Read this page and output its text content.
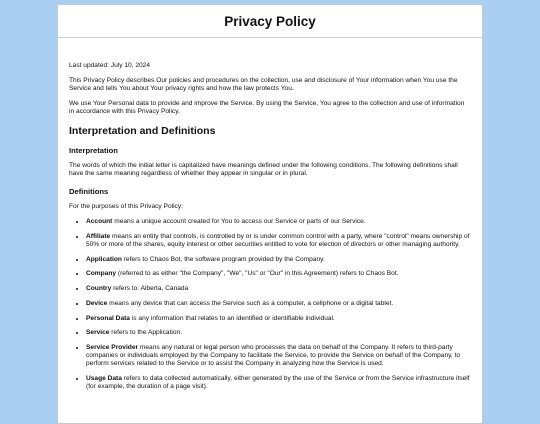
Privacy Policy

Last updated: July 10, 2024

This Privacy Policy describes Our policies and procedures on the collection, use and disclosure of Your information when You use the Service and tells You about Your privacy rights and how the law protects You.

We use Your Personal data to provide and improve the Service. By using the Service, You agree to the collection and use of information in accordance with this Privacy Policy.

Interpretation and Definitions
Interpretation

The words of which the initial letter is capitalized have meanings defined under the following conditions. The following definitions shall have the same meaning regardless of whether they appear in singular or in plural.

Definitions

For the purposes of this Privacy Policy:

• Account means a unique account created for You to access our Service or parts of our Service.
• Affiliate means an entity that controls, is controlled by or is under common control with a party, where "control" means ownership of 50% or more of the shares, equity interest or other securities entitled to vote for election of directors or other managing authority.
• Application refers to Chaos Bot, the software program provided by the Company.
• Company (referred to as either "the Company", "We", "Us" or "Our" in this Agreement) refers to Chaos Bot.
• Country refers to: Alberta, Canada
• Device means any device that can access the Service such as a computer, a cellphone or a digital tablet.
• Personal Data is any information that relates to an identified or identifiable individual.
• Service refers to the Application.
• Service Provider means any natural or legal person who processes the data on behalf of the Company. It refers to third-party companies or individuals employed by the Company to facilitate the Service, to provide the Service on behalf of the Company, to perform services related to the Service or to assist the Company in analyzing how the Service is used.
• Usage Data refers to data collected automatically, either generated by the use of the Service or from the Service infrastructure itself (for example, the duration of a page visit).
